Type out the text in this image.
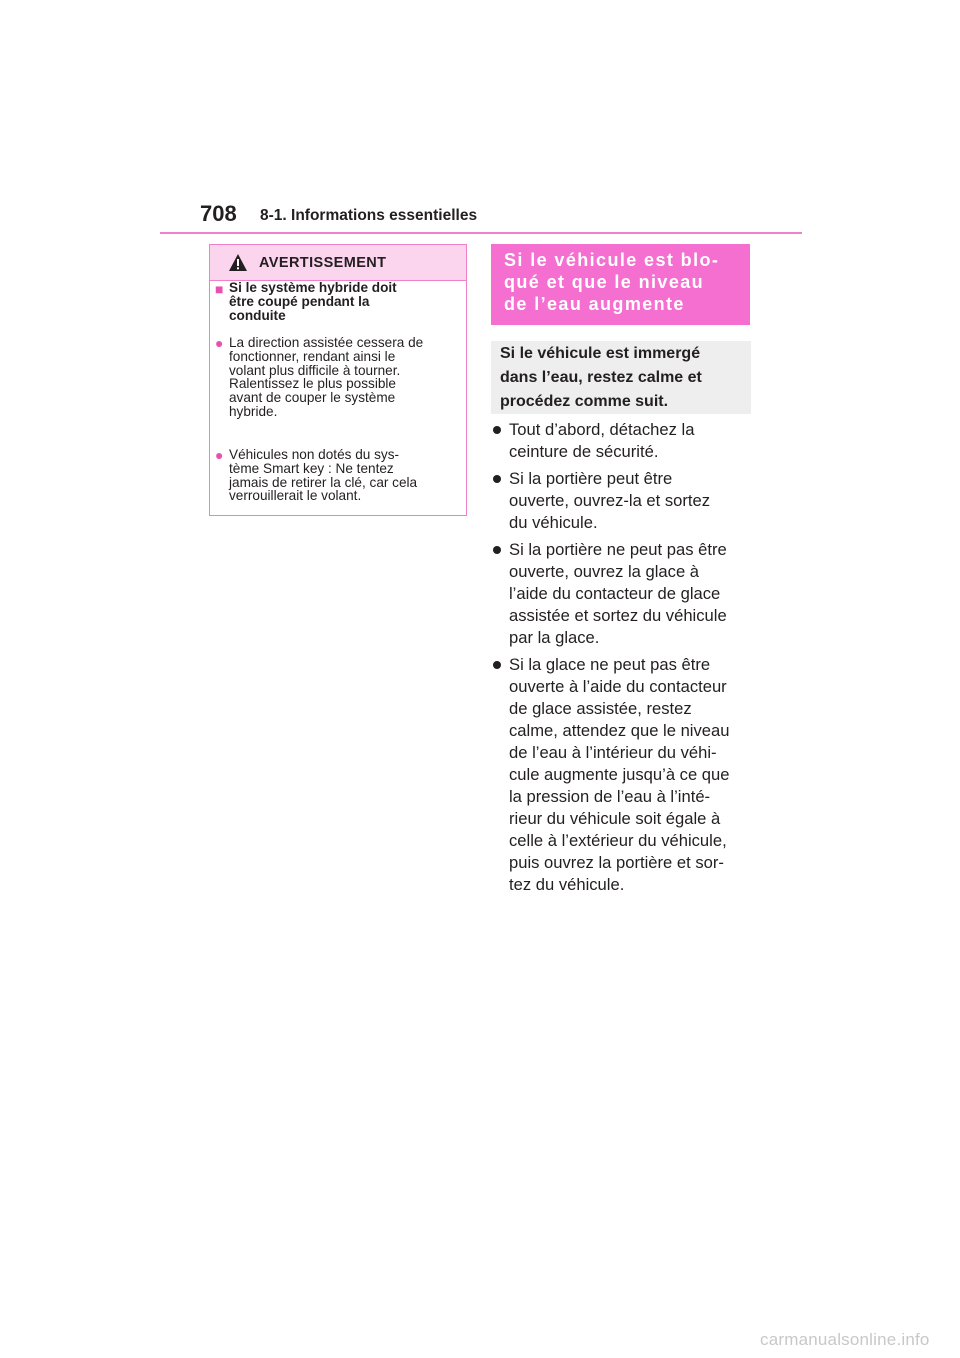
708 8-1. Informations essentielles
AVERTISSEMENT
■ Si le système hybride doit
être coupé pendant la
conduite
● La direction assistée cessera de
fonctionner, rendant ainsi le
volant plus difficile à tourner.
Ralentissez le plus possible
avant de couper le système
hybride.
● Véhicules non dotés du sys-
tème Smart key : Ne tentez
jamais de retirer la clé, car cela
verrouillerait le volant.
Si le véhicule est blo-
qué et que le niveau
de l’eau augmente
Si le véhicule est immergé
dans l’eau, restez calme et
procédez comme suit.
Tout d’abord, détachez la
ceinture de sécurité.
Si la portière peut être
ouverte, ouvrez-la et sortez
du véhicule.
Si la portière ne peut pas être
ouverte, ouvrez la glace à
l’aide du contacteur de glace
assistée et sortez du véhicule
par la glace.
Si la glace ne peut pas être
ouverte à l’aide du contacteur
de glace assistée, restez
calme, attendez que le niveau
de l’eau à l’intérieur du véhi-
cule augmente jusqu’à ce que
la pression de l’eau à l’inté-
rieur du véhicule soit égale à
celle à l’extérieur du véhicule,
puis ouvrez la portière et sor-
tez du véhicule.
carmanualsonline.info
